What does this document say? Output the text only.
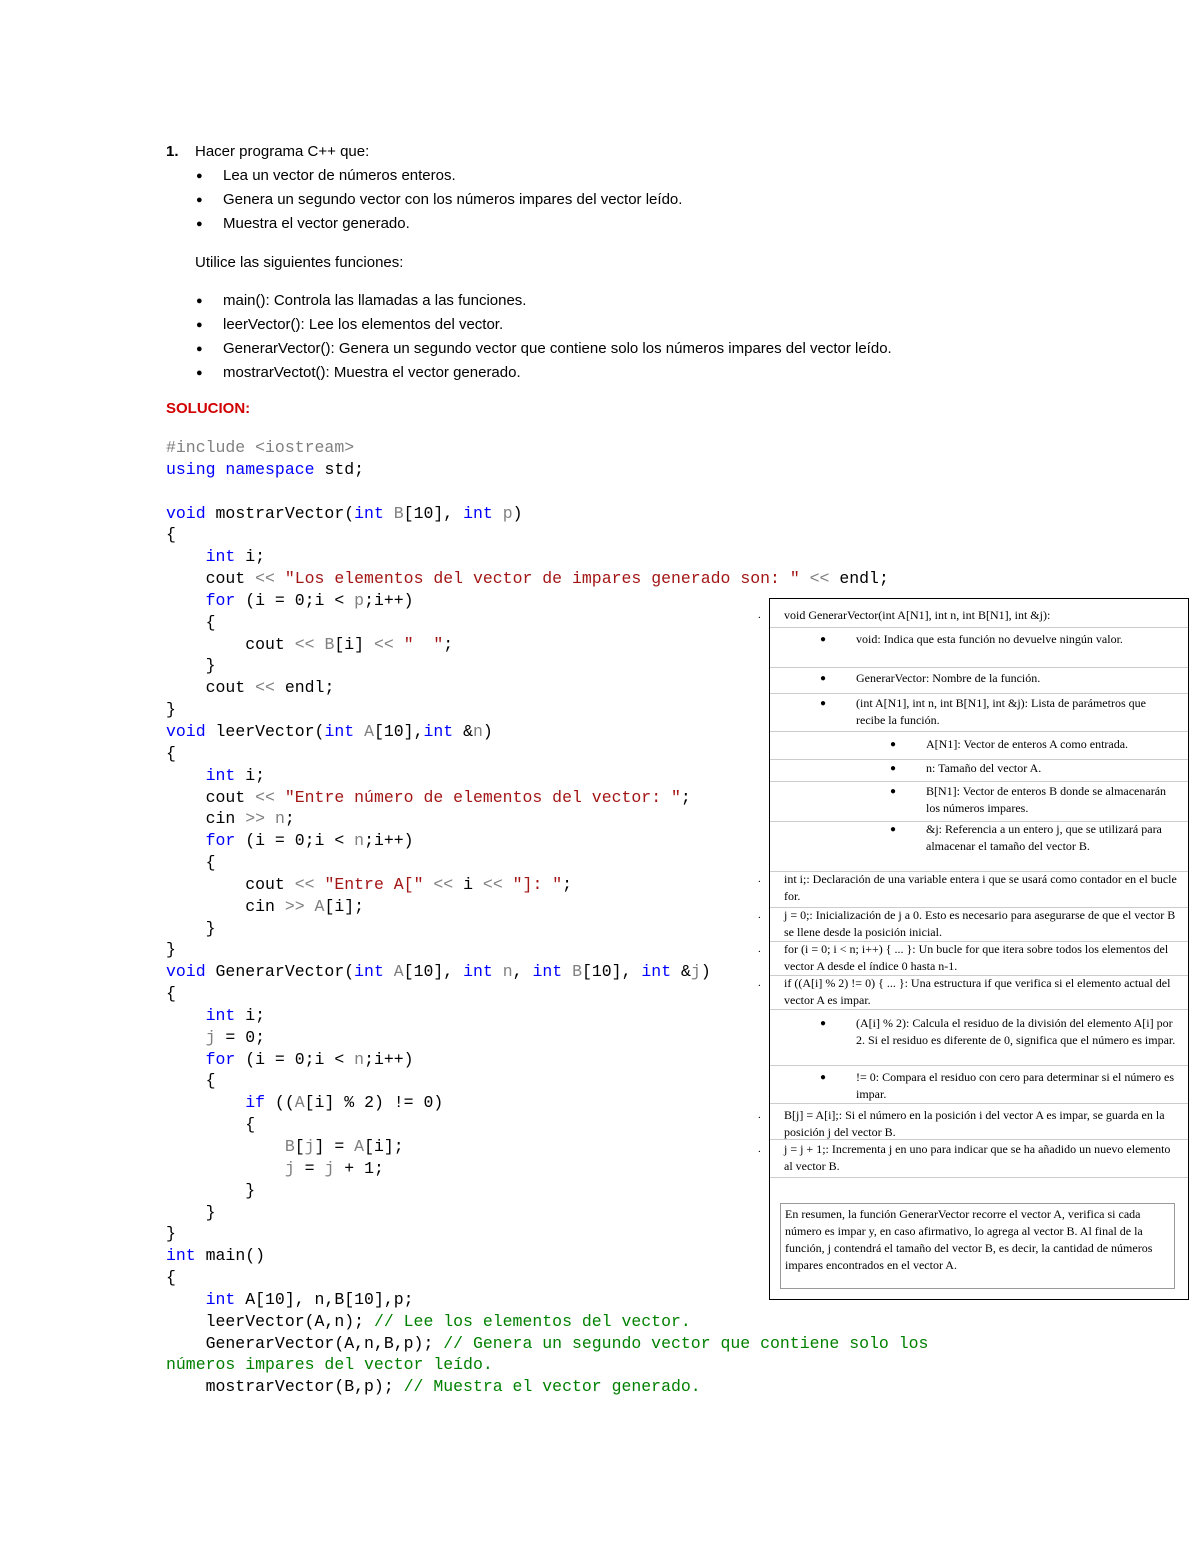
1.	Hacer programa C++ que:
● Lea un vector de números enteros.
● Genera un segundo vector con los números impares del vector leído.
● Muestra el vector generado.
Utilice las siguientes funciones:
● main(): Controla las llamadas a las funciones.
● leerVector(): Lee los elementos del vector.
● GenerarVector(): Genera un segundo vector que contiene solo los números impares del vector leído.
● mostrarVectot(): Muestra el vector generado.
SOLUCION:
#include <iostream>
using namespace std;

void mostrarVector(int B[10], int p)
{
int i;
cout << "Los elementos del vector de impares generado son: " << endl;
for (i = 0;i < p;i++)
{
cout << B[i] << "  ";
}
cout << endl;
}
void leerVector(int A[10],int &n)
{
int i;
cout << "Entre número de elementos del vector: ";
cin >> n;
for (i = 0;i < n;i++)
{
cout << "Entre A[" << i << "]: ";
cin >> A[i];
}
}
void GenerarVector(int A[10], int n, int B[10], int &j)
{
int i;
j = 0;
for (i = 0;i < n;i++)
{
if ((A[i] % 2) != 0)
{
B[j] = A[i];
j = j + 1;
}
}
}
int main()
{
int A[10], n,B[10],p;
leerVector(A,n); // Lee los elementos del vector.
GenerarVector(A,n,B,p); // Genera un segundo vector que contiene solo los
números impares del vector leído.
mostrarVector(B,p); // Muestra el vector generado.
. void GenerarVector(int A[N1], int n, int B[N1], int &j):
● void: Indica que esta función no devuelve ningún valor.
● GenerarVector: Nombre de la función.
● (int A[N1], int n, int B[N1], int &j): Lista de parámetros que recibe la función.
● A[N1]: Vector de enteros A como entrada.
● n: Tamaño del vector A.
● B[N1]: Vector de enteros B donde se almacenarán los números impares.
● &j: Referencia a un entero j, que se utilizará para almacenar el tamaño del vector B.
. int i;: Declaración de una variable entera i que se usará como contador en el bucle for.
. j = 0;: Inicialización de j a 0. Esto es necesario para asegurarse de que el vector B se llene desde la posición inicial.
. for (i = 0; i < n; i++) { ... }: Un bucle for que itera sobre todos los elementos del vector A desde el índice 0 hasta n-1.
. if ((A[i] % 2) != 0) { ... }: Una estructura if que verifica si el elemento actual del vector A es impar.
● (A[i] % 2): Calcula el residuo de la división del elemento A[i] por 2. Si el residuo es diferente de 0, significa que el número es impar.
● != 0: Compara el residuo con cero para determinar si el número es impar.
. B[j] = A[i];: Si el número en la posición i del vector A es impar, se guarda en la posición j del vector B.
. j = j + 1;: Incrementa j en uno para indicar que se ha añadido un nuevo elemento al vector B.
En resumen, la función GenerarVector recorre el vector A, verifica si cada número es impar y, en caso afirmativo, lo agrega al vector B. Al final de la función, j contendrá el tamaño del vector B, es decir, la cantidad de números impares encontrados en el vector A.
